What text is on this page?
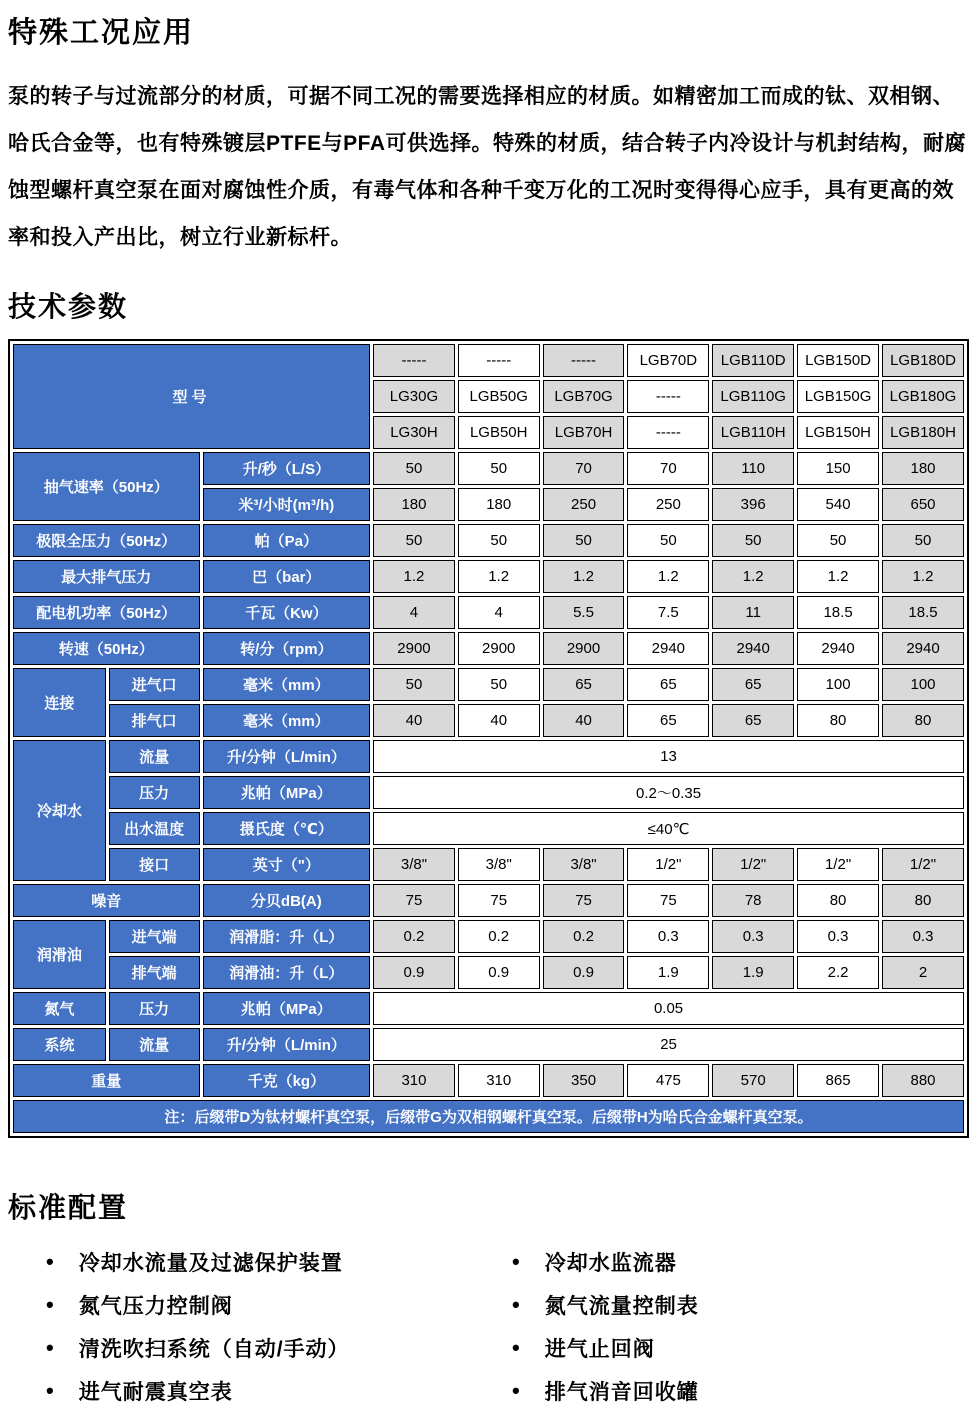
特殊工况应用

泵的转子与过流部分的材质，可据不同工况的需要选择相应的材质。如精密加工而成的钛、双相钢、哈氏合金等，也有特殊镀层PTFE与PFA可供选择。特殊的材质，结合转子内冷设计与机封结构，耐腐蚀型螺杆真空泵在面对腐蚀性介质，有毒气体和各种千变万化的工况时变得得心应手，具有更高的效率和投入产出比，树立行业新标杆。

技术参数
型号			-----	-----	-----	LGB70D	LGB110D	LGB150D	LGB180D
			LG30G	LGB50G	LGB70G	-----	LGB110G	LGB150G	LGB180G
			LG30H	LGB50H	LGB70H	-----	LGB110H	LGB150H	LGB180H
抽气速率（50Hz）		升/秒（L/S）	50	50	70	70	110	150	180
		米³/小时(m³/h)	180	180	250	250	396	540	650
极限全压力（50Hz）		帕（Pa）	50	50	50	50	50	50	50
最大排气压力		巴（bar）	1.2	1.2	1.2	1.2	1.2	1.2	1.2
配电机功率（50Hz）		千瓦（Kw）	4	4	5.5	7.5	11	18.5	18.5
转速（50Hz）		转/分（rpm）	2900	2900	2900	2940	2940	2940	2940
连接	进气口	毫米（mm）	50	50	65	65	65	100	100
	排气口	毫米（mm）	40	40	40	65	65	80	80
冷却水	流量	升/分钟（L/min）	13						
	压力	兆帕（MPa）	0.2～0.35						
	出水温度	摄氏度（℃）	≤40℃						
	接口	英寸（"）	3/8"	3/8"	3/8"	1/2"	1/2"	1/2"	1/2"
噪音		分贝dB(A)	75	75	75	75	78	80	80
润滑油	进气端	润滑脂：升（L）	0.2	0.2	0.2	0.3	0.3	0.3	0.3
	排气端	润滑油：升（L）	0.9	0.9	0.9	1.9	1.9	2.2	2
氮气	压力	兆帕（MPa）	0.05						
系统	流量	升/分钟（L/min）	25						
重量		千克（kg）	310	310	350	475	570	865	880
注：后缀带D为钛材螺杆真空泵，后缀带G为双相钢螺杆真空泵。后缀带H为哈氏合金螺杆真空泵。									
标准配置
• 冷却水流量及过滤保护装置
• 氮气压力控制阀
• 清洗吹扫系统（自动/手动）
• 进气耐震真空表
• 冷却水监流器
• 氮气流量控制表
• 进气止回阀
• 排气消音回收罐
